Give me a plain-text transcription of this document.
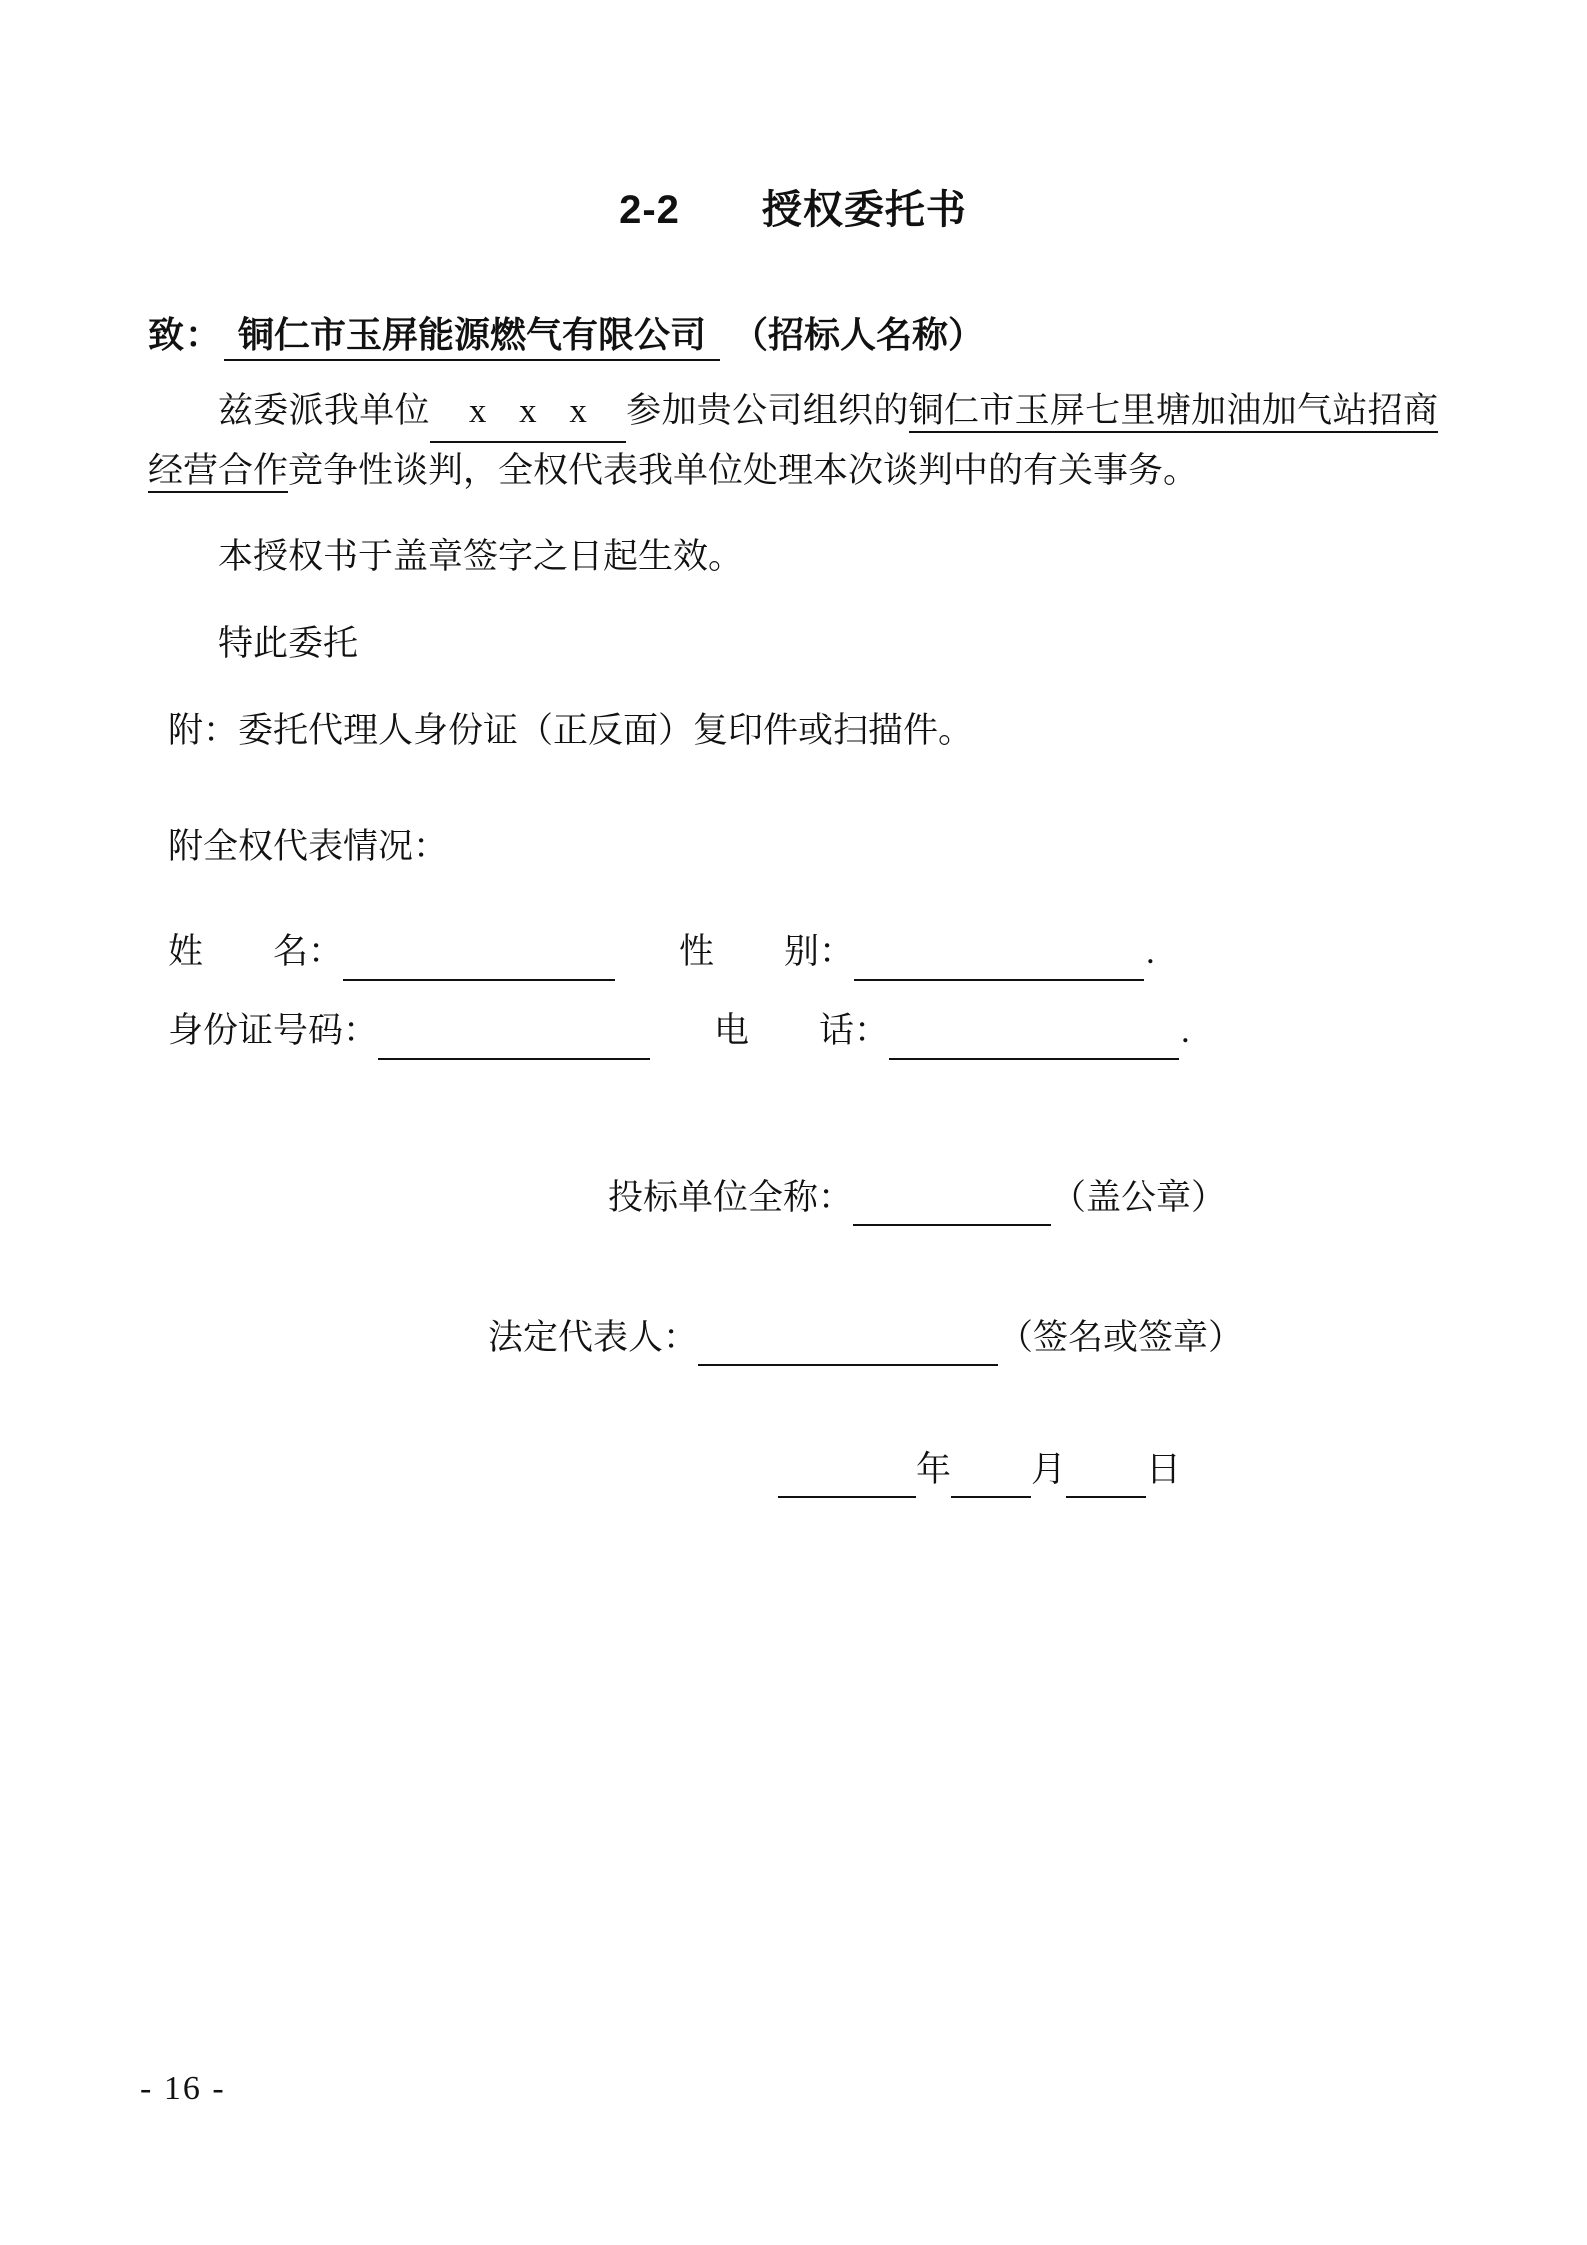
2-2　　授权委托书
致： 铜仁市玉屏能源燃气有限公司 （招标人名称）

兹委派我单位 x x x 参加贵公司组织的铜仁市玉屏七里塘加油加气站招商经营合作竞争性谈判，全权代表我单位处理本次谈判中的有关事务。

本授权书于盖章签字之日起生效。

特此委托

附：委托代理人身份证（正反面）复印件或扫描件。

附全权代表情况：
姓　　名：	性　　别：	.
身份证号码：	电　　话：	.
投标单位全称：	（盖公章）
法定代表人：	（签名或签章）
年 月 日
- 16 -
